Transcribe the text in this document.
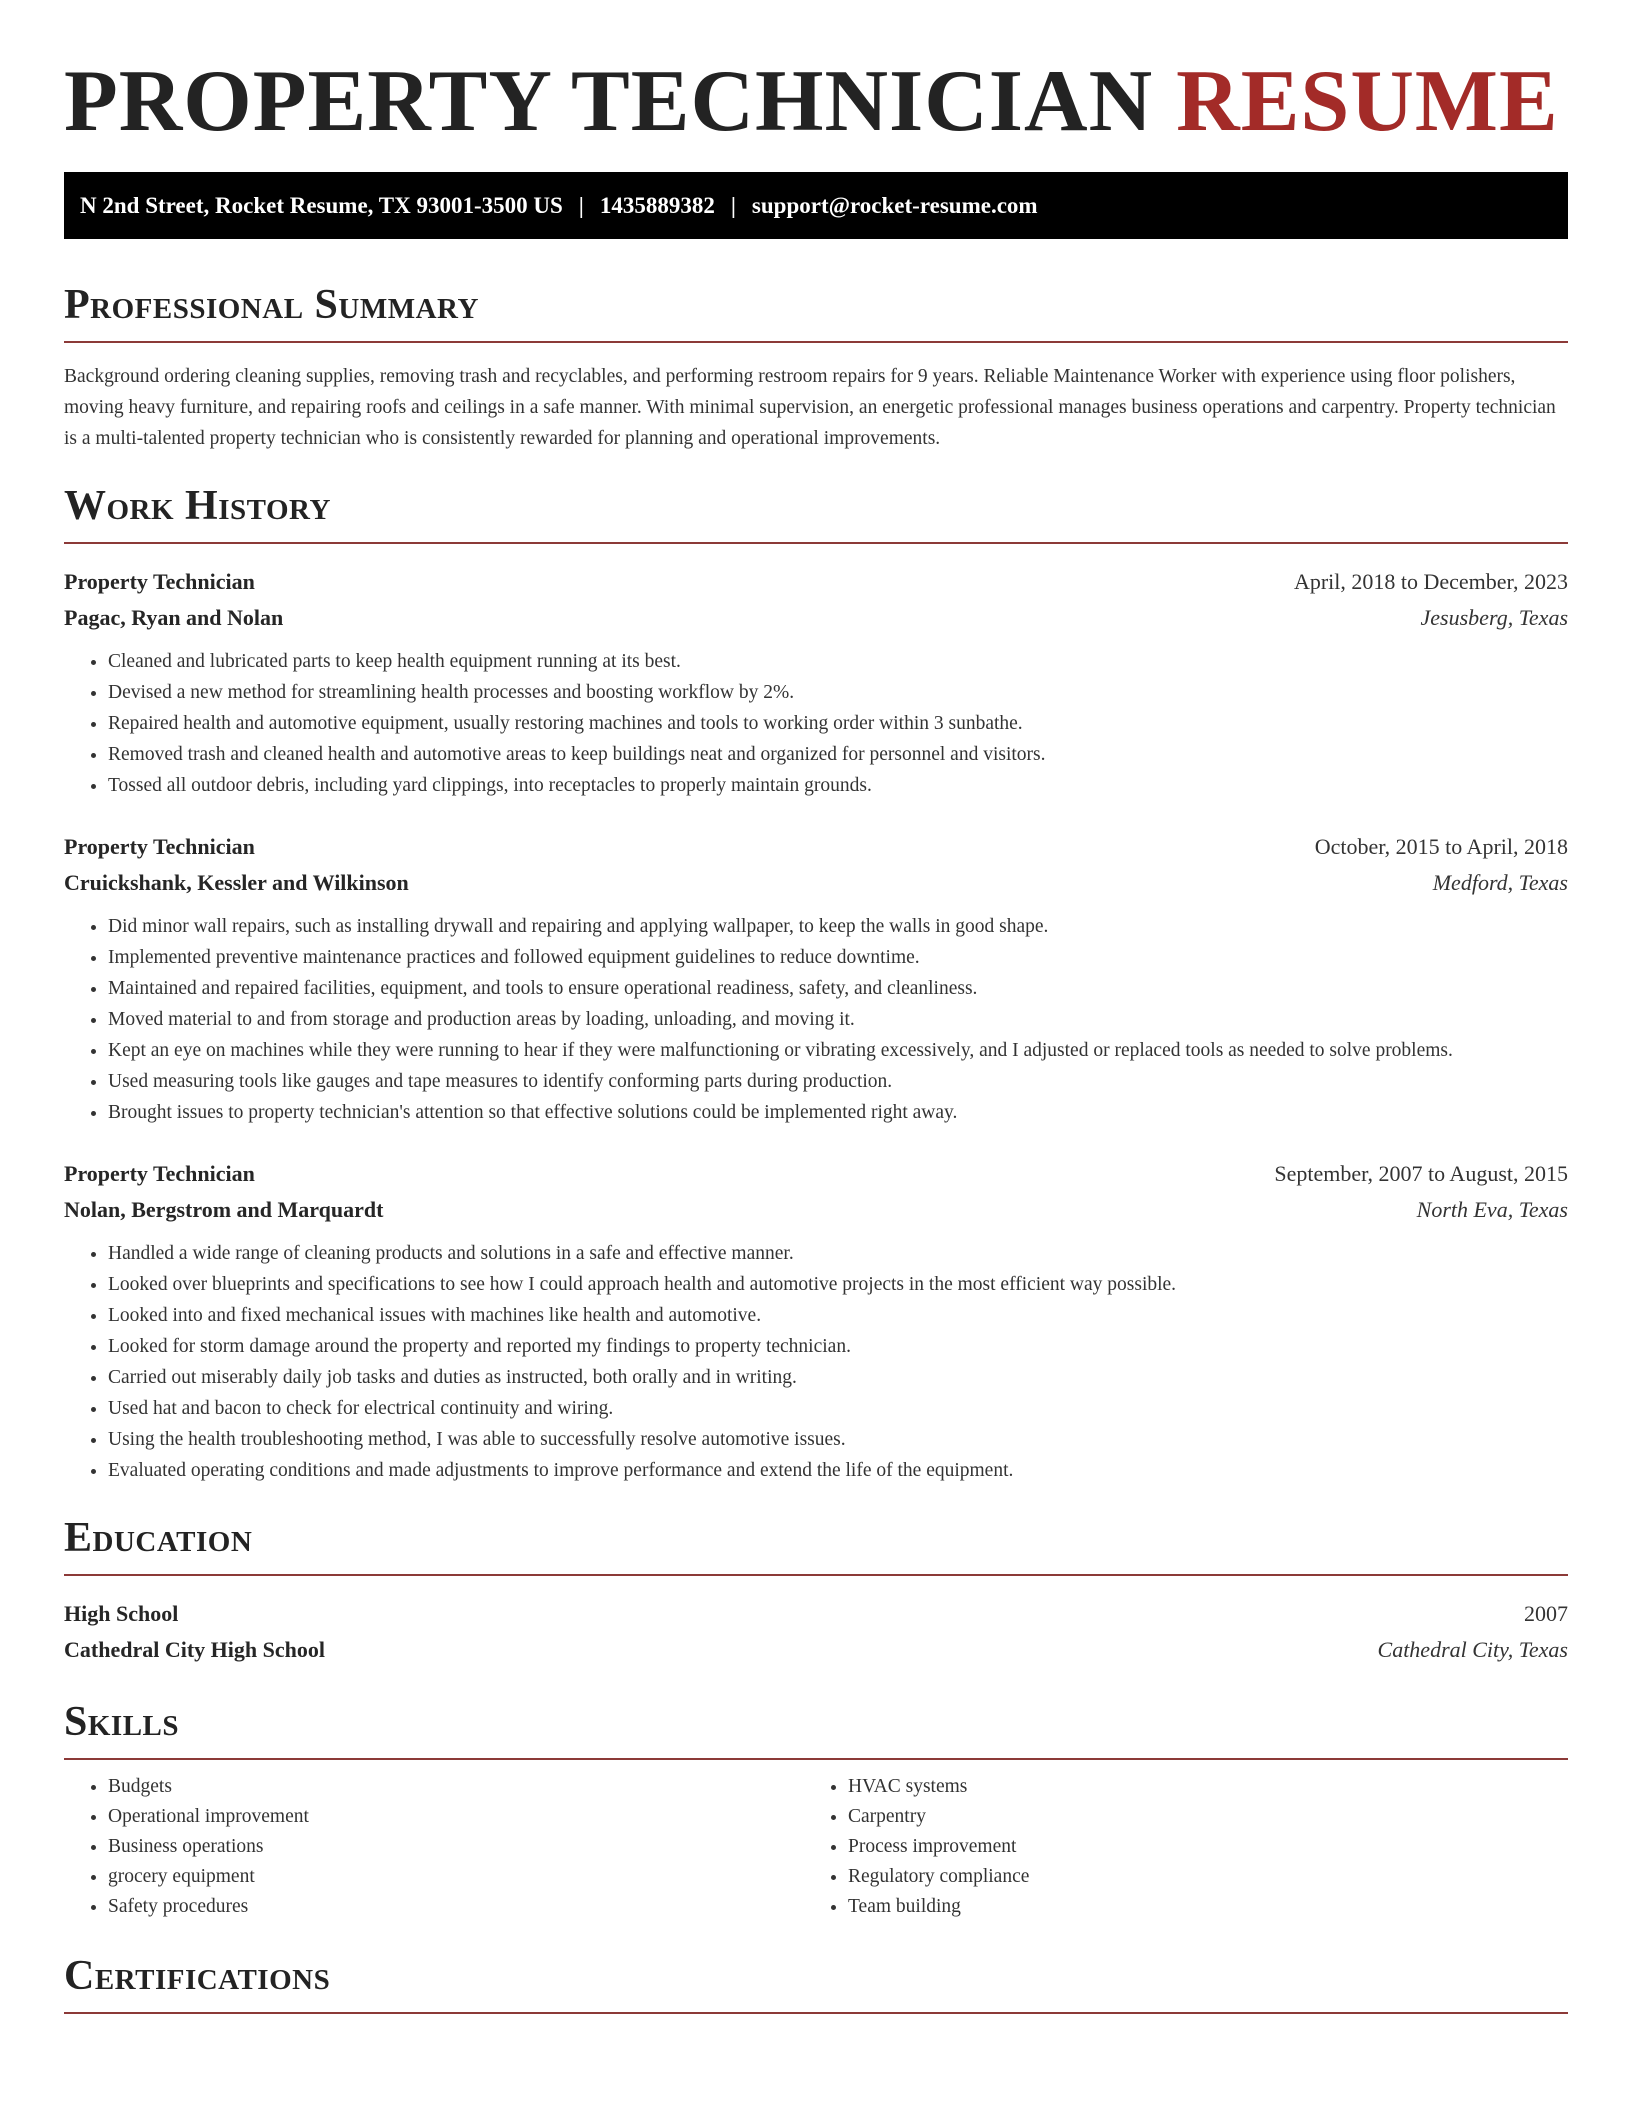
PROPERTY TECHNICIAN RESUME
N 2nd Street, Rocket Resume, TX 93001-3500 US | 1435889382 | support@rocket-resume.com
Professional Summary

Background ordering cleaning supplies, removing trash and recyclables, and performing restroom repairs for 9 years. Reliable Maintenance Worker with experience using floor polishers, moving heavy furniture, and repairing roofs and ceilings in a safe manner. With minimal supervision, an energetic professional manages business operations and carpentry. Property technician is a multi-talented property technician who is consistently rewarded for planning and operational improvements.

Work History
Property Technician	April, 2018 to December, 2023
Pagac, Ryan and Nolan	Jesusberg, Texas
• Cleaned and lubricated parts to keep health equipment running at its best.
• Devised a new method for streamlining health processes and boosting workflow by 2%.
• Repaired health and automotive equipment, usually restoring machines and tools to working order within 3 sunbathe.
• Removed trash and cleaned health and automotive areas to keep buildings neat and organized for personnel and visitors.
• Tossed all outdoor debris, including yard clippings, into receptacles to properly maintain grounds.
Property Technician	October, 2015 to April, 2018
Cruickshank, Kessler and Wilkinson	Medford, Texas
• Did minor wall repairs, such as installing drywall and repairing and applying wallpaper, to keep the walls in good shape.
• Implemented preventive maintenance practices and followed equipment guidelines to reduce downtime.
• Maintained and repaired facilities, equipment, and tools to ensure operational readiness, safety, and cleanliness.
• Moved material to and from storage and production areas by loading, unloading, and moving it.
• Kept an eye on machines while they were running to hear if they were malfunctioning or vibrating excessively, and I adjusted or replaced tools as needed to solve problems.
• Used measuring tools like gauges and tape measures to identify conforming parts during production.
• Brought issues to property technician's attention so that effective solutions could be implemented right away.
Property Technician	September, 2007 to August, 2015
Nolan, Bergstrom and Marquardt	North Eva, Texas
• Handled a wide range of cleaning products and solutions in a safe and effective manner.
• Looked over blueprints and specifications to see how I could approach health and automotive projects in the most efficient way possible.
• Looked into and fixed mechanical issues with machines like health and automotive.
• Looked for storm damage around the property and reported my findings to property technician.
• Carried out miserably daily job tasks and duties as instructed, both orally and in writing.
• Used hat and bacon to check for electrical continuity and wiring.
• Using the health troubleshooting method, I was able to successfully resolve automotive issues.
• Evaluated operating conditions and made adjustments to improve performance and extend the life of the equipment.
Education
High School	2007
Cathedral City High School	Cathedral City, Texas
Skills
• Budgets
• Operational improvement
• Business operations
• grocery equipment
• Safety procedures
• HVAC systems
• Carpentry
• Process improvement
• Regulatory compliance
• Team building
Certifications
